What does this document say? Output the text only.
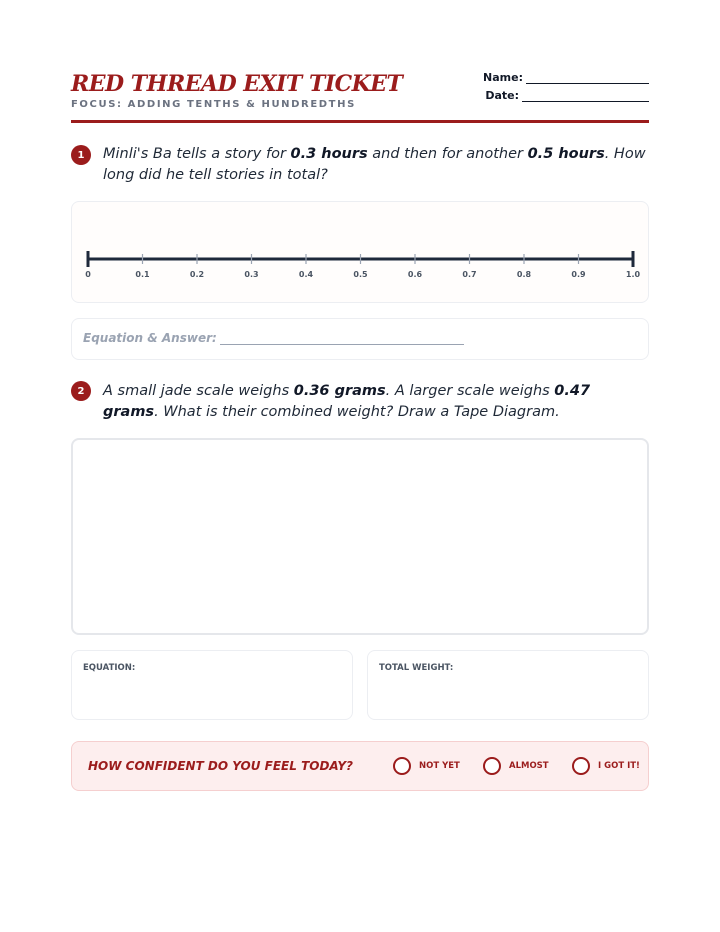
RED THREAD EXIT TICKET
FOCUS: ADDING TENTHS & HUNDREDTHS
Name:
Date:
1	Minli's Ba tells a story for 0.3 hours and then for another 0.5 hours. How long did he tell stories in total?
0	0.1	0.2	0.3	0.4	0.5	0.6	0.7	0.8	0.9	1.0
Equation & Answer:
2	A small jade scale weighs 0.36 grams. A larger scale weighs 0.47 grams. What is their combined weight? Draw a Tape Diagram.
EQUATION:	TOTAL WEIGHT:
HOW CONFIDENT DO YOU FEEL TODAY?	NOT YET	ALMOST	I GOT IT!
